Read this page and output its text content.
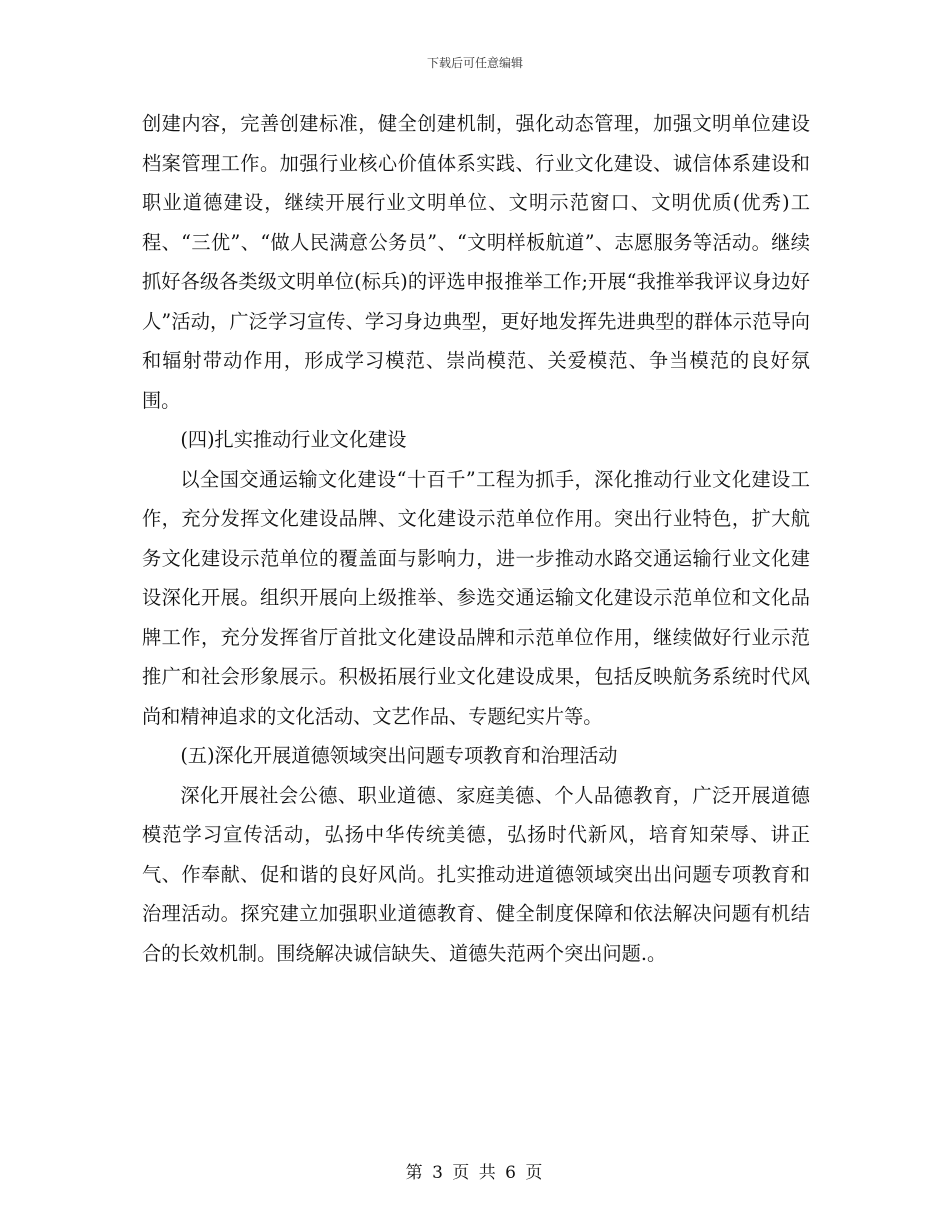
下载后可任意编辑

创建内容，完善创建标准，健全创建机制，强化动态管理，加强文明单位建设档案管理工作。加强行业核心价值体系实践、行业文化建设、诚信体系建设和职业道德建设，继续开展行业文明单位、文明示范窗口、文明优质(优秀)工程、“三优”、“做人民满意公务员”、“文明样板航道”、志愿服务等活动。继续抓好各级各类级文明单位(标兵)的评选申报推举工作;开展“我推举我评议身边好人”活动，广泛学习宣传、学习身边典型，更好地发挥先进典型的群体示范导向和辐射带动作用，形成学习模范、崇尚模范、关爱模范、争当模范的良好氛围。

(四)扎实推动行业文化建设

以全国交通运输文化建设“十百千”工程为抓手，深化推动行业文化建设工作，充分发挥文化建设品牌、文化建设示范单位作用。突出行业特色，扩大航务文化建设示范单位的覆盖面与影响力，进一步推动水路交通运输行业文化建设深化开展。组织开展向上级推举、参选交通运输文化建设示范单位和文化品牌工作，充分发挥省厅首批文化建设品牌和示范单位作用，继续做好行业示范推广和社会形象展示。积极拓展行业文化建设成果，包括反映航务系统时代风尚和精神追求的文化活动、文艺作品、专题纪实片等。

(五)深化开展道德领域突出问题专项教育和治理活动

深化开展社会公德、职业道德、家庭美德、个人品德教育，广泛开展道德模范学习宣传活动，弘扬中华传统美德，弘扬时代新风，培育知荣辱、讲正气、作奉献、促和谐的良好风尚。扎实推动进道德领域突出出问题专项教育和治理活动。探究建立加强职业道德教育、健全制度保障和依法解决问题有机结合的长效机制。围绕解决诚信缺失、道德失范两个突出问题.。

第 3 页 共 6 页
